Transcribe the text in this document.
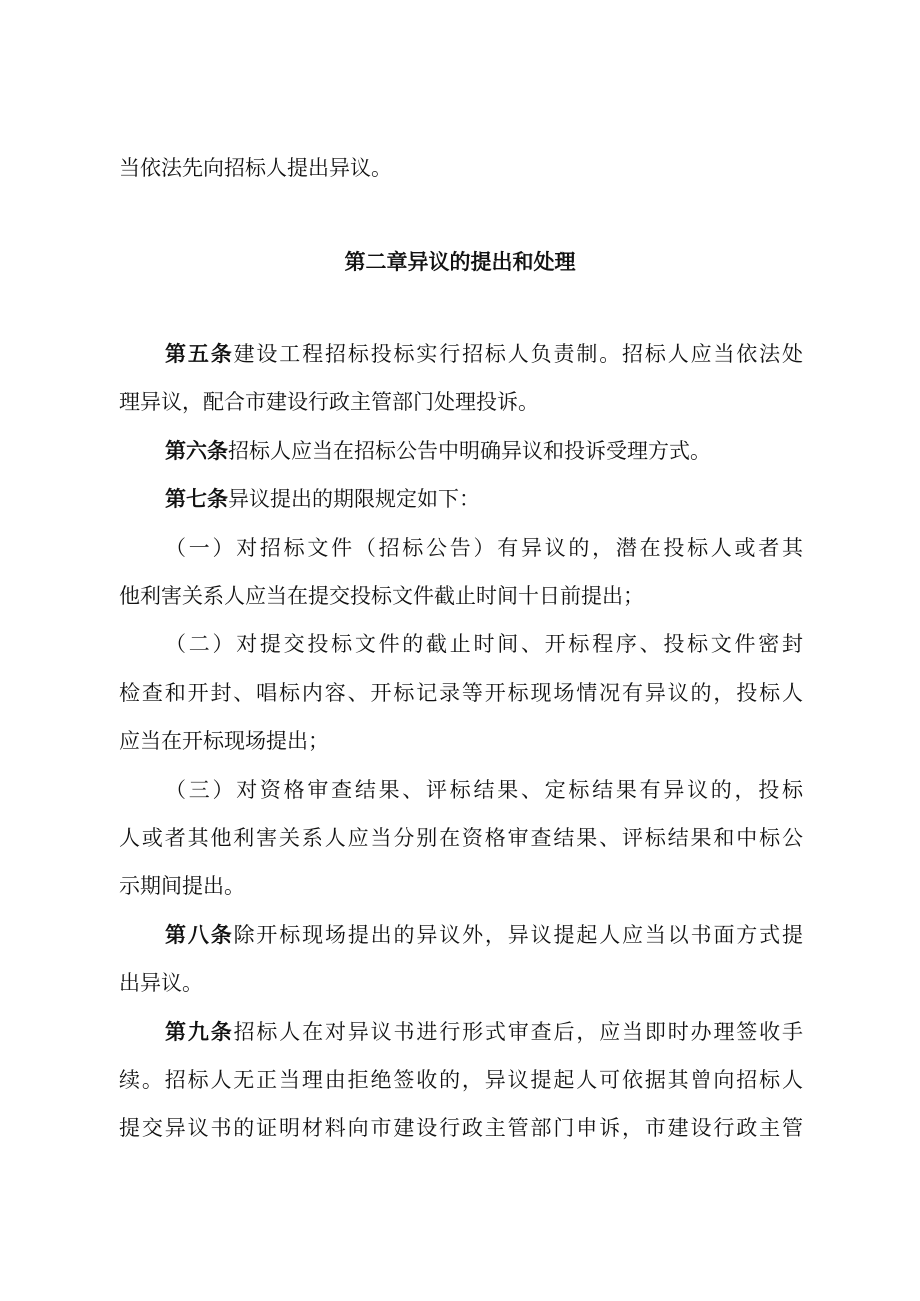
当依法先向招标人提出异议。
第二章异议的提出和处理
第五条建设工程招标投标实行招标人负责制。招标人应当依法处
理异议，配合市建设行政主管部门处理投诉。
第六条招标人应当在招标公告中明确异议和投诉受理方式。
第七条异议提出的期限规定如下：
（一）对招标文件（招标公告）有异议的，潜在投标人或者其
他利害关系人应当在提交投标文件截止时间十日前提出；
（二）对提交投标文件的截止时间、开标程序、投标文件密封
检查和开封、唱标内容、开标记录等开标现场情况有异议的，投标人
应当在开标现场提出；
（三）对资格审查结果、评标结果、定标结果有异议的，投标
人或者其他利害关系人应当分别在资格审查结果、评标结果和中标公
示期间提出。
第八条除开标现场提出的异议外，异议提起人应当以书面方式提
出异议。
第九条招标人在对异议书进行形式审查后，应当即时办理签收手
续。招标人无正当理由拒绝签收的，异议提起人可依据其曾向招标人
提交异议书的证明材料向市建设行政主管部门申诉，市建设行政主管
